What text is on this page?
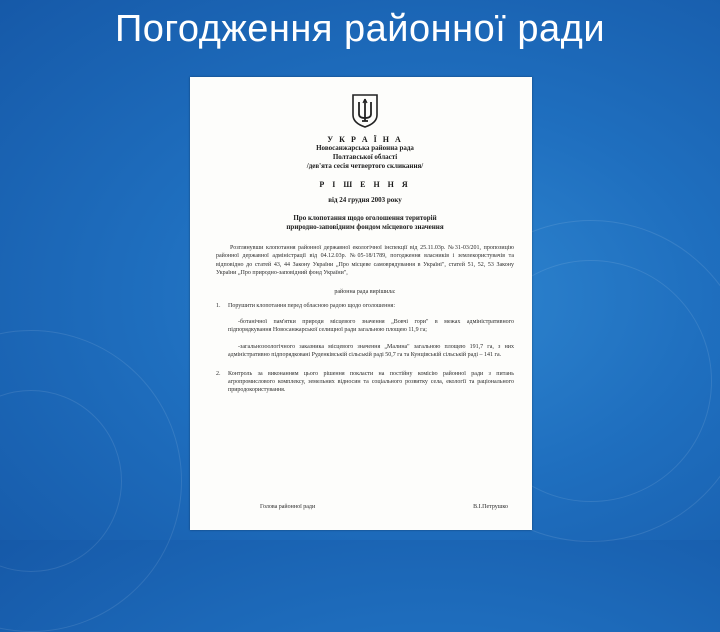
Погодження районної ради
У К Р А Ї Н А
Новосанжарська районна рада
Полтавської області
/дев'ята сесія четвертого скликання/
Р І Ш Е Н Н Я
від 24 грудня 2003 року
Про клопотання щодо оголошення територій
природно-заповідним фондом місцевого значення
Розглянувши клопотання районної державної екологічної інспекції від 25.11.03р. №31-03/201, пропозицію районної державної адміністрації від 04.12.03р. №05-18/1789, погодження власників і землекористувачів та відповідно до статей 43, 44 Закону України „Про місцеве самоврядування в Україні", статей 51, 52, 53 Закону України „Про природно-заповідний фонд України",
районна рада вирішила:
1.	Порушити клопотання перед обласною радою щодо оголошення:
-ботанічної пам'ятки природи місцевого значення „Вовчі гори" в межах адміністративного підпорядкування Новосанжарської селищної ради загальною площею 11,9 га;
-загальнозоологічного заказника місцевого значення „Малина" загальною площею 191,7 га, з них адміністративно підпорядковані Руденківській сільській раді 50,7 га та Кунцівській сільській раді – 141 га.
2.	Контроль за виконанням цього рішення покласти на постійну комісію районної ради з питань агропромислового комплексу, земельних відносин та соціального розвитку села, екології та раціонального природокористування.
Голова районної ради	В.І.Петрушко
